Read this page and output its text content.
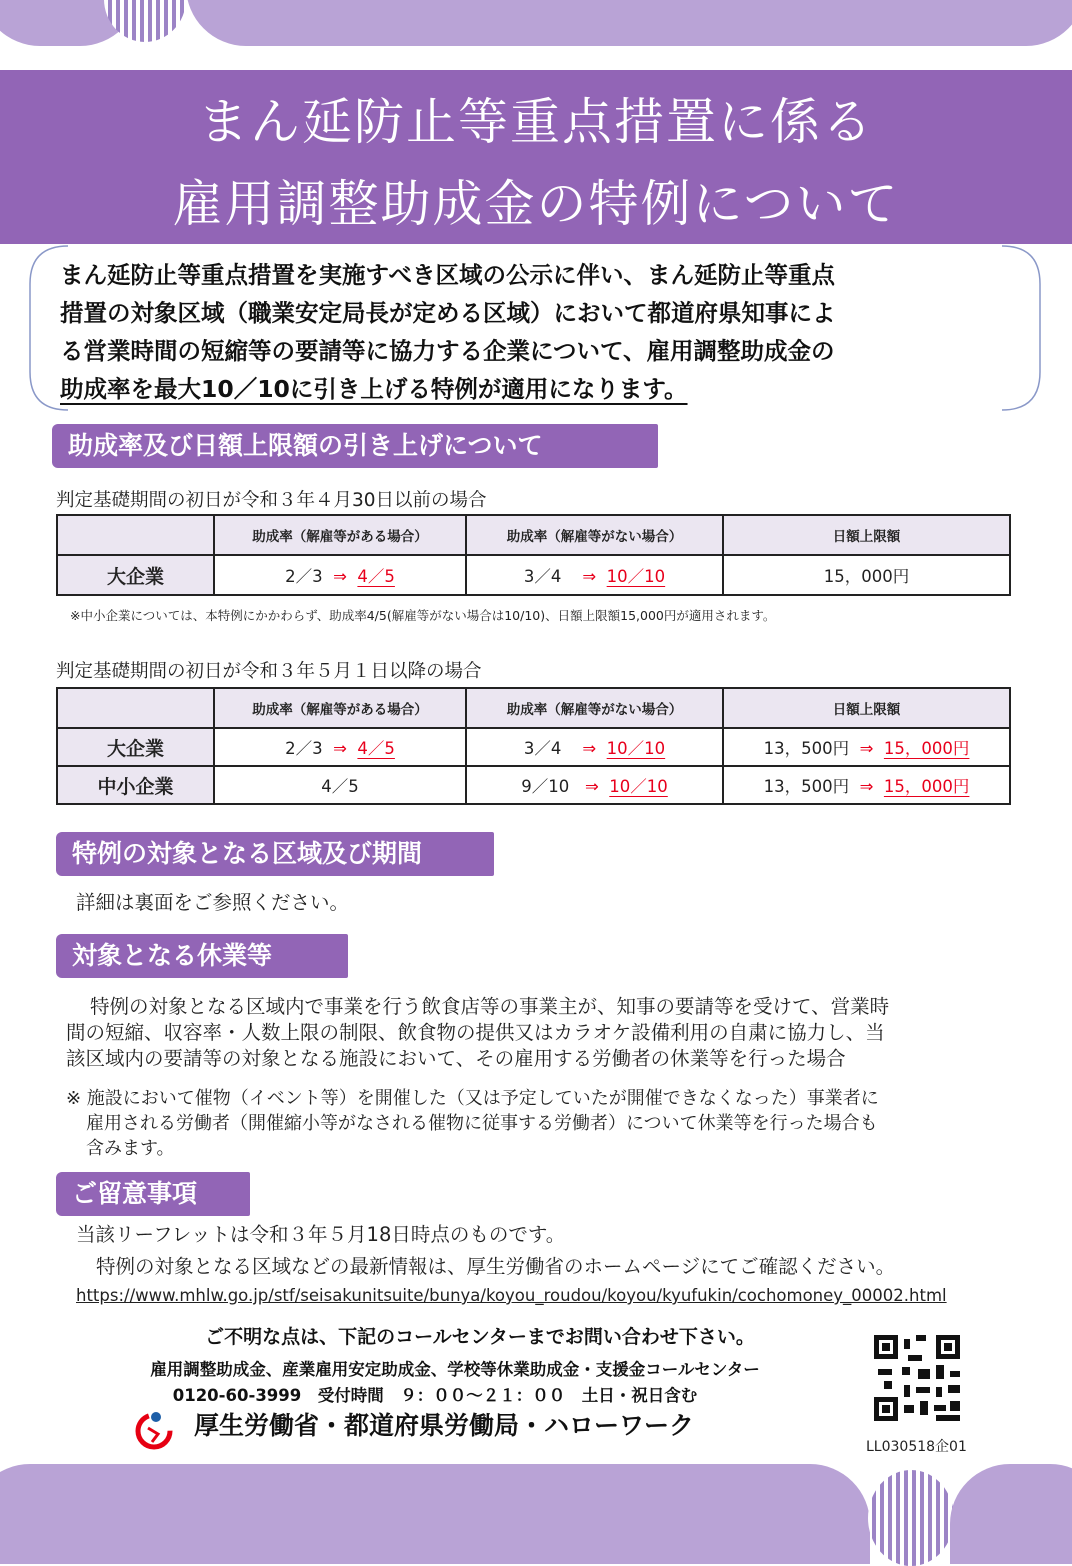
まん延防止等重点措置に係る
雇用調整助成金の特例について
まん延防止等重点措置を実施すべき区域の公示に伴い、まん延防止等重点
措置の対象区域（職業安定局長が定める区域）において都道府県知事によ
る営業時間の短縮等の要請等に協力する企業について、雇用調整助成金の
助成率を最大10／10に引き上げる特例が適用になります。
助成率及び日額上限額の引き上げについて
判定基礎期間の初日が令和３年４月30日以前の場合
	助成率（解雇等がある場合）	助成率（解雇等がない場合）	日額上限額
大企業	2／3 ⇒ 4／5	3／4 ⇒ 10／10	15，000円
※中小企業については、本特例にかかわらず、助成率4/5(解雇等がない場合は10/10)、日額上限額15,000円が適用されます。
判定基礎期間の初日が令和３年５月１日以降の場合
	助成率（解雇等がある場合）	助成率（解雇等がない場合）	日額上限額
大企業	2／3 ⇒ 4／5	3／4 ⇒ 10／10	13，500円 ⇒ 15，000円
中小企業	4／5	9／10 ⇒ 10／10	13，500円 ⇒ 15，000円
特例の対象となる区域及び期間
詳細は裏面をご参照ください。
対象となる休業等
特例の対象となる区域内で事業を行う飲食店等の事業主が、知事の要請等を受けて、営業時
間の短縮、収容率・人数上限の制限、飲食物の提供又はカラオケ設備利用の自粛に協力し、当
該区域内の要請等の対象となる施設において、その雇用する労働者の休業等を行った場合
※ 施設において催物（イベント等）を開催した（又は予定していたが開催できなくなった）事業者に
雇用される労働者（開催縮小等がなされる催物に従事する労働者）について休業等を行った場合も
含みます。
ご留意事項
当該リーフレットは令和３年５月18日時点のものです。
特例の対象となる区域などの最新情報は、厚生労働省のホームページにてご確認ください。
https://www.mhlw.go.jp/stf/seisakunitsuite/bunya/koyou_roudou/koyou/kyufukin/cochomoney_00002.html
ご不明な点は、下記のコールセンターまでお問い合わせ下さい。
雇用調整助成金、産業雇用安定助成金、学校等休業助成金・支援金コールセンター
0120-60-3999　受付時間　９：００～２１：００　土日・祝日含む
厚生労働省・都道府県労働局・ハローワーク
LL030518企01
